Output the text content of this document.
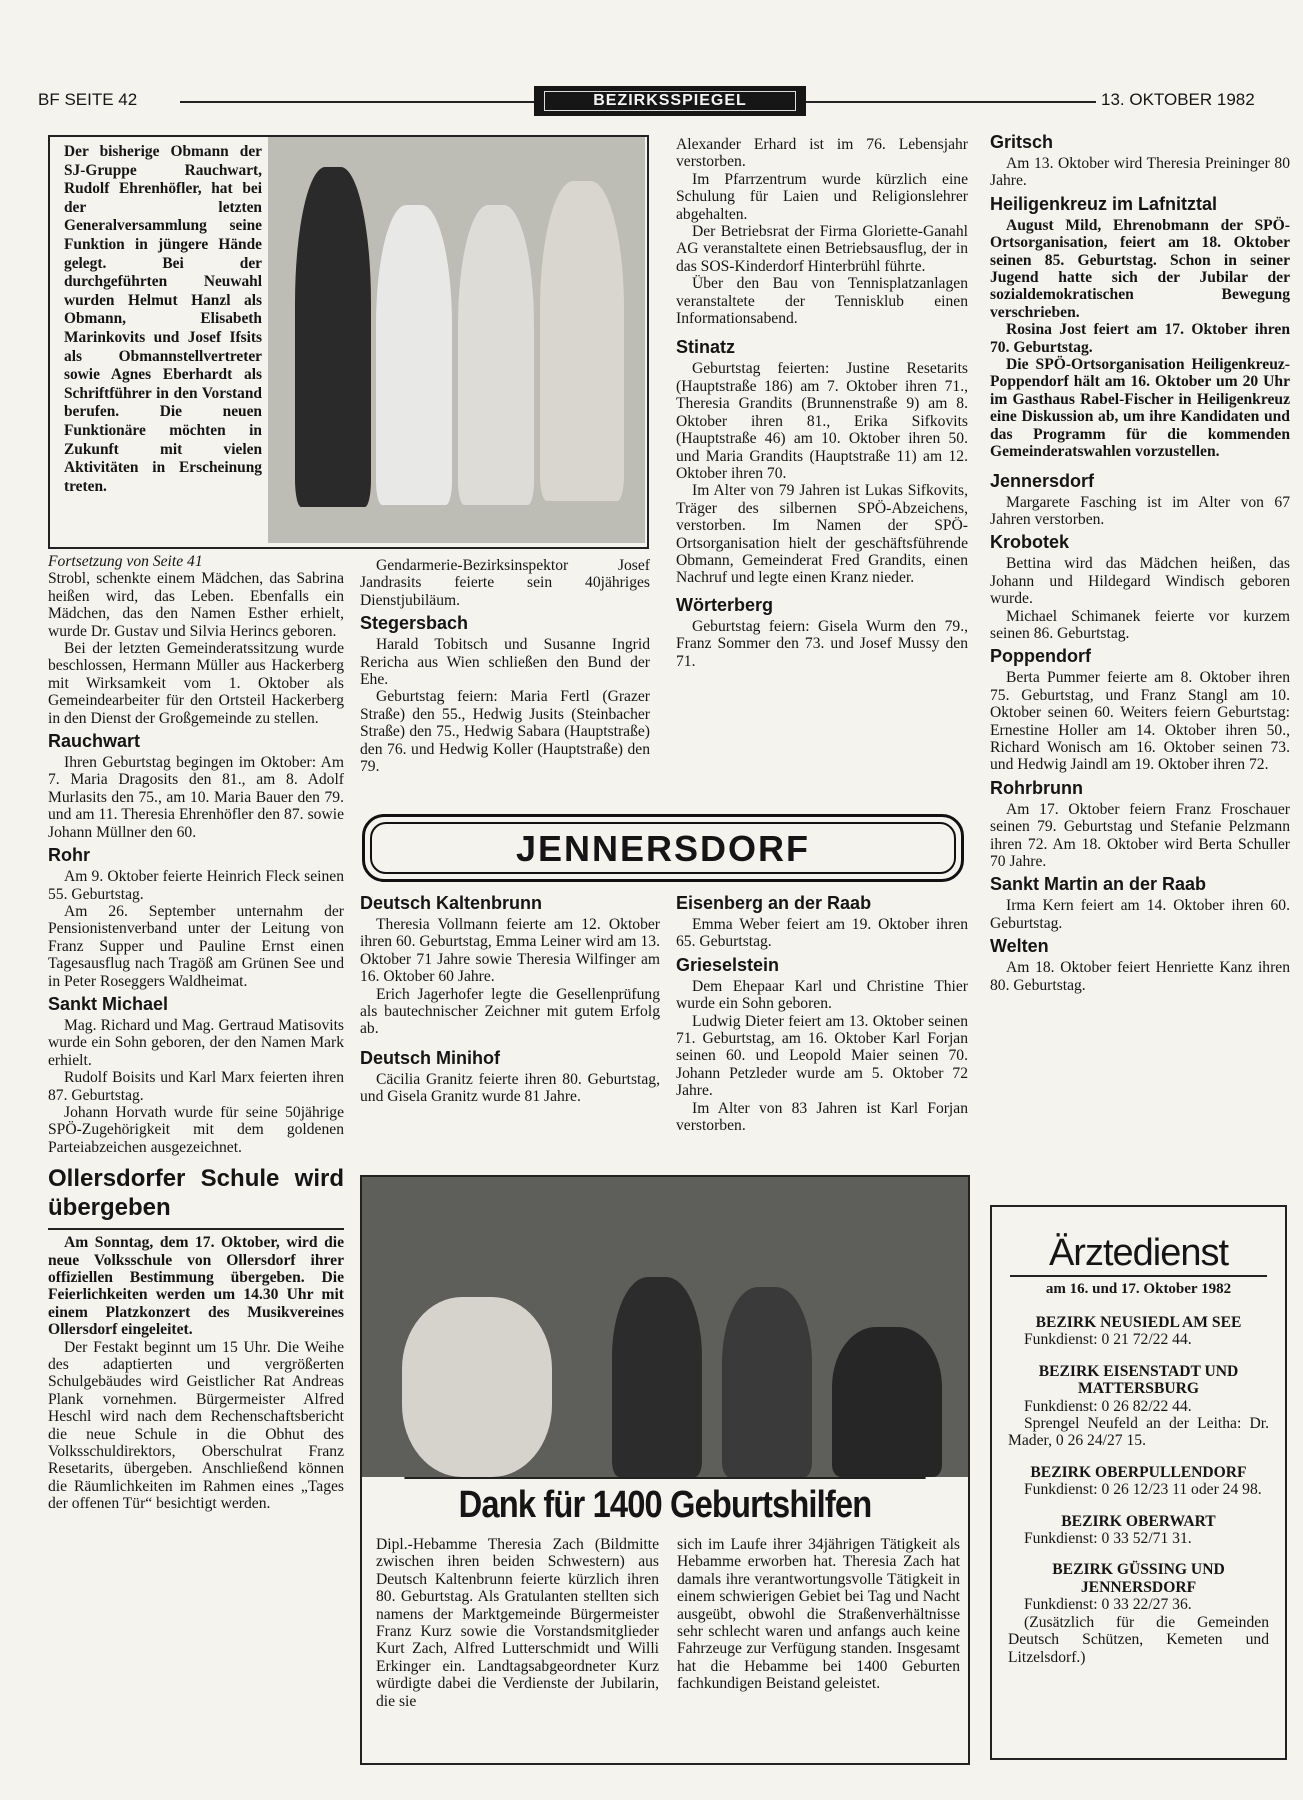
BF SEITE 42	BEZIRKSSPIEGEL	13. OKTOBER 1982

Der bisherige Obmann der SJ-Gruppe Rauchwart, Rudolf Ehrenhöfler, hat bei der letzten Generalversammlung seine Funktion in jüngere Hände gelegt. Bei der durchgeführten Neuwahl wurden Helmut Hanzl als Obmann, Elisabeth Marinkovits und Josef Ifsits als Obmannstellvertreter sowie Agnes Eberhardt als Schriftführer in den Vorstand berufen. Die neuen Funktionäre möchten in Zukunft mit vielen Aktivitäten in Erscheinung treten.

Fortsetzung von Seite 41

Strobl, schenkte einem Mädchen, das Sabrina heißen wird, das Leben. Ebenfalls ein Mädchen, das den Namen Esther erhielt, wurde Dr. Gustav und Silvia Herincs geboren.

Bei der letzten Gemeinderatssitzung wurde beschlossen, Hermann Müller aus Hackerberg mit Wirksamkeit vom 1. Oktober als Gemeindearbeiter für den Ortsteil Hackerberg in den Dienst der Großgemeinde zu stellen.

Rauchwart

Ihren Geburtstag begingen im Oktober: Am 7. Maria Dragosits den 81., am 8. Adolf Murlasits den 75., am 10. Maria Bauer den 79. und am 11. Theresia Ehrenhöfler den 87. sowie Johann Müllner den 60.

Rohr

Am 9. Oktober feierte Heinrich Fleck seinen 55. Geburtstag.

Am 26. September unternahm der Pensionistenverband unter der Leitung von Franz Supper und Pauline Ernst einen Tagesausflug nach Tragöß am Grünen See und in Peter Roseggers Waldheimat.

Sankt Michael

Mag. Richard und Mag. Gertraud Matisovits wurde ein Sohn geboren, der den Namen Mark erhielt.

Rudolf Boisits und Karl Marx feierten ihren 87. Geburtstag.

Johann Horvath wurde für seine 50jährige SPÖ-Zugehörigkeit mit dem goldenen Parteiabzeichen ausgezeichnet.

Ollersdorfer Schule wird übergeben

Am Sonntag, dem 17. Oktober, wird die neue Volksschule von Ollersdorf ihrer offiziellen Bestimmung übergeben. Die Feierlichkeiten werden um 14.30 Uhr mit einem Platzkonzert des Musikvereines Ollersdorf eingeleitet.

Der Festakt beginnt um 15 Uhr. Die Weihe des adaptierten und vergrößerten Schulgebäudes wird Geistlicher Rat Andreas Plank vornehmen. Bürgermeister Alfred Heschl wird nach dem Rechenschaftsbericht die neue Schule in die Obhut des Volksschuldirektors, Oberschulrat Franz Resetarits, übergeben. Anschließend können die Räumlichkeiten im Rahmen eines „Tages der offenen Tür“ besichtigt werden.

Gendarmerie-Bezirksinspektor Josef Jandrasits feierte sein 40jähriges Dienstjubiläum.

Stegersbach

Harald Tobitsch und Susanne Ingrid Rericha aus Wien schließen den Bund der Ehe.

Geburtstag feiern: Maria Fertl (Grazer Straße) den 55., Hedwig Jusits (Steinbacher Straße) den 75., Hedwig Sabara (Hauptstraße) den 76. und Hedwig Koller (Hauptstraße) den 79.

Alexander Erhard ist im 76. Lebensjahr verstorben.

Im Pfarrzentrum wurde kürzlich eine Schulung für Laien und Religionslehrer abgehalten.

Der Betriebsrat der Firma Gloriette-Ganahl AG veranstaltete einen Betriebsausflug, der in das SOS-Kinderdorf Hinterbrühl führte.

Über den Bau von Tennisplatzanlagen veranstaltete der Tennisklub einen Informationsabend.

Stinatz

Geburtstag feierten: Justine Resetarits (Hauptstraße 186) am 7. Oktober ihren 71., Theresia Grandits (Brunnenstraße 9) am 8. Oktober ihren 81., Erika Sifkovits (Hauptstraße 46) am 10. Oktober ihren 50. und Maria Grandits (Hauptstraße 11) am 12. Oktober ihren 70.

Im Alter von 79 Jahren ist Lukas Sifkovits, Träger des silbernen SPÖ-Abzeichens, verstorben. Im Namen der SPÖ-Ortsorganisation hielt der geschäftsführende Obmann, Gemeinderat Fred Grandits, einen Nachruf und legte einen Kranz nieder.

Wörterberg

Geburtstag feiern: Gisela Wurm den 79., Franz Sommer den 73. und Josef Mussy den 71.

JENNERSDORF
Deutsch Kaltenbrunn

Theresia Vollmann feierte am 12. Oktober ihren 60. Geburtstag, Emma Leiner wird am 13. Oktober 71 Jahre sowie Theresia Wilfinger am 16. Oktober 60 Jahre.

Erich Jagerhofer legte die Gesellenprüfung als bautechnischer Zeichner mit gutem Erfolg ab.

Deutsch Minihof

Cäcilia Granitz feierte ihren 80. Geburtstag, und Gisela Granitz wurde 81 Jahre.

Eisenberg an der Raab

Emma Weber feiert am 19. Oktober ihren 65. Geburtstag.

Grieselstein

Dem Ehepaar Karl und Christine Thier wurde ein Sohn geboren.

Ludwig Dieter feiert am 13. Oktober seinen 71. Geburtstag, am 16. Oktober Karl Forjan seinen 60. und Leopold Maier seinen 70. Johann Petzleder wurde am 5. Oktober 72 Jahre.

Im Alter von 83 Jahren ist Karl Forjan verstorben.

Dank für 1400 Geburtshilfen

Dipl.-Hebamme Theresia Zach (Bildmitte zwischen ihren beiden Schwestern) aus Deutsch Kaltenbrunn feierte kürzlich ihren 80. Geburtstag. Als Gratulanten stellten sich namens der Marktgemeinde Bürgermeister Franz Kurz sowie die Vorstandsmitglieder Kurt Zach, Alfred Lutterschmidt und Willi Erkinger ein. Landtagsabgeordneter Kurz würdigte dabei die Verdienste der Jubilarin, die sie

sich im Laufe ihrer 34jährigen Tätigkeit als Hebamme erworben hat. Theresia Zach hat damals ihre verantwortungsvolle Tätigkeit in einem schwierigen Gebiet bei Tag und Nacht ausgeübt, obwohl die Straßenverhältnisse sehr schlecht waren und anfangs auch keine Fahrzeuge zur Verfügung standen. Insgesamt hat die Hebamme bei 1400 Geburten fachkundigen Beistand geleistet.

Gritsch

Am 13. Oktober wird Theresia Preininger 80 Jahre.

Heiligenkreuz im Lafnitztal

August Mild, Ehrenobmann der SPÖ-Ortsorganisation, feiert am 18. Oktober seinen 85. Geburtstag. Schon in seiner Jugend hatte sich der Jubilar der sozialdemokratischen Bewegung verschrieben.

Rosina Jost feiert am 17. Oktober ihren 70. Geburtstag.

Die SPÖ-Ortsorganisation Heiligenkreuz-Poppendorf hält am 16. Oktober um 20 Uhr im Gasthaus Rabel-Fischer in Heiligenkreuz eine Diskussion ab, um ihre Kandidaten und das Programm für die kommenden Gemeinderatswahlen vorzustellen.

Jennersdorf

Margarete Fasching ist im Alter von 67 Jahren verstorben.

Krobotek

Bettina wird das Mädchen heißen, das Johann und Hildegard Windisch geboren wurde.

Michael Schimanek feierte vor kurzem seinen 86. Geburtstag.

Poppendorf

Berta Pummer feierte am 8. Oktober ihren 75. Geburtstag, und Franz Stangl am 10. Oktober seinen 60. Weiters feiern Geburtstag: Ernestine Holler am 14. Oktober ihren 50., Richard Wonisch am 16. Oktober seinen 73. und Hedwig Jaindl am 19. Oktober ihren 72.

Rohrbrunn

Am 17. Oktober feiern Franz Froschauer seinen 79. Geburtstag und Stefanie Pelzmann ihren 72. Am 18. Oktober wird Berta Schuller 70 Jahre.

Sankt Martin an der Raab

Irma Kern feiert am 14. Oktober ihren 60. Geburtstag.

Welten

Am 18. Oktober feiert Henriette Kanz ihren 80. Geburtstag.

Ärztedienst
am 16. und 17. Oktober 1982
BEZIRK NEUSIEDL AM SEE

Funkdienst: 0 21 72/22 44.

BEZIRK EISENSTADT UND MATTERSBURG

Funkdienst: 0 26 82/22 44.

Sprengel Neufeld an der Leitha: Dr. Mader, 0 26 24/27 15.

BEZIRK OBERPULLENDORF

Funkdienst: 0 26 12/23 11 oder 24 98.

BEZIRK OBERWART

Funkdienst: 0 33 52/71 31.

BEZIRK GÜSSING UND JENNERSDORF

Funkdienst: 0 33 22/27 36.

(Zusätzlich für die Gemeinden Deutsch Schützen, Kemeten und Litzelsdorf.)
